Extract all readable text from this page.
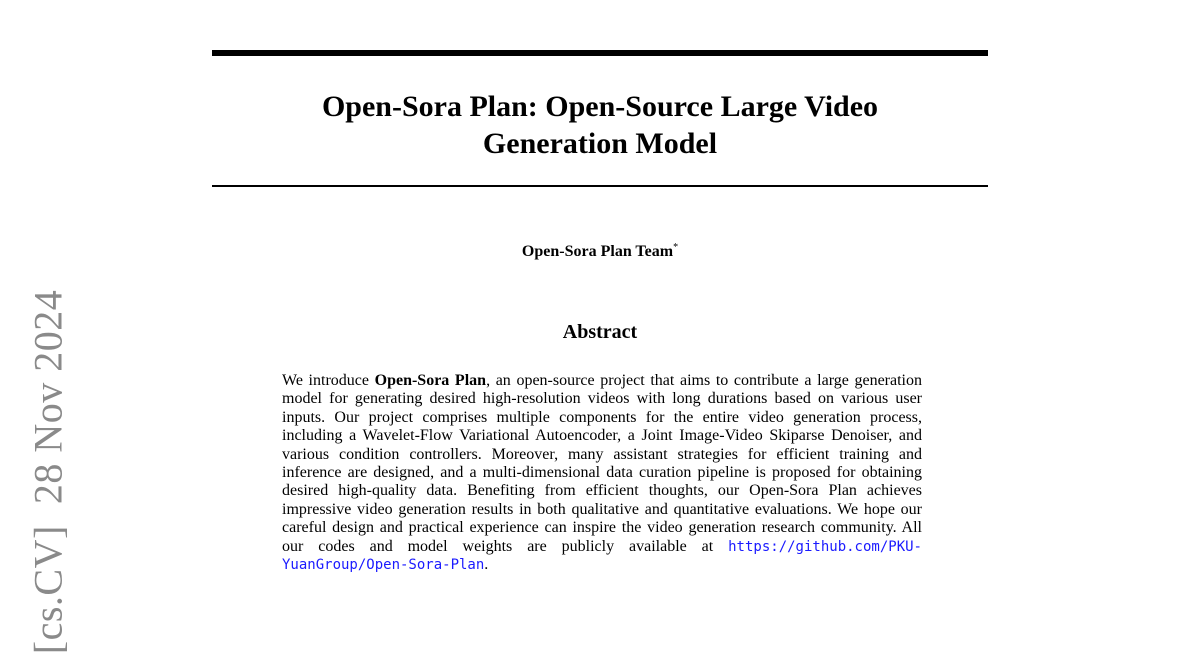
[cs.CV]  28 Nov 2024
Open-Sora Plan: Open-Source Large Video
Generation Model
Open-Sora Plan Team*
Abstract

We introduce Open-Sora Plan, an open-source project that aims to contribute a large generation model for generating desired high-resolution videos with long durations based on various user inputs. Our project comprises multiple components for the entire video generation process, including a Wavelet-Flow Variational Autoencoder, a Joint Image-Video Skiparse Denoiser, and various condition controllers. Moreover, many assistant strategies for efficient training and inference are designed, and a multi-dimensional data curation pipeline is proposed for obtaining desired high-quality data. Benefiting from efficient thoughts, our Open-Sora Plan achieves impressive video generation results in both qualitative and quantitative evaluations. We hope our careful design and practical experience can inspire the video generation research community. All our codes and model weights are publicly available at https://github.com/PKU-YuanGroup/Open-Sora-Plan.
